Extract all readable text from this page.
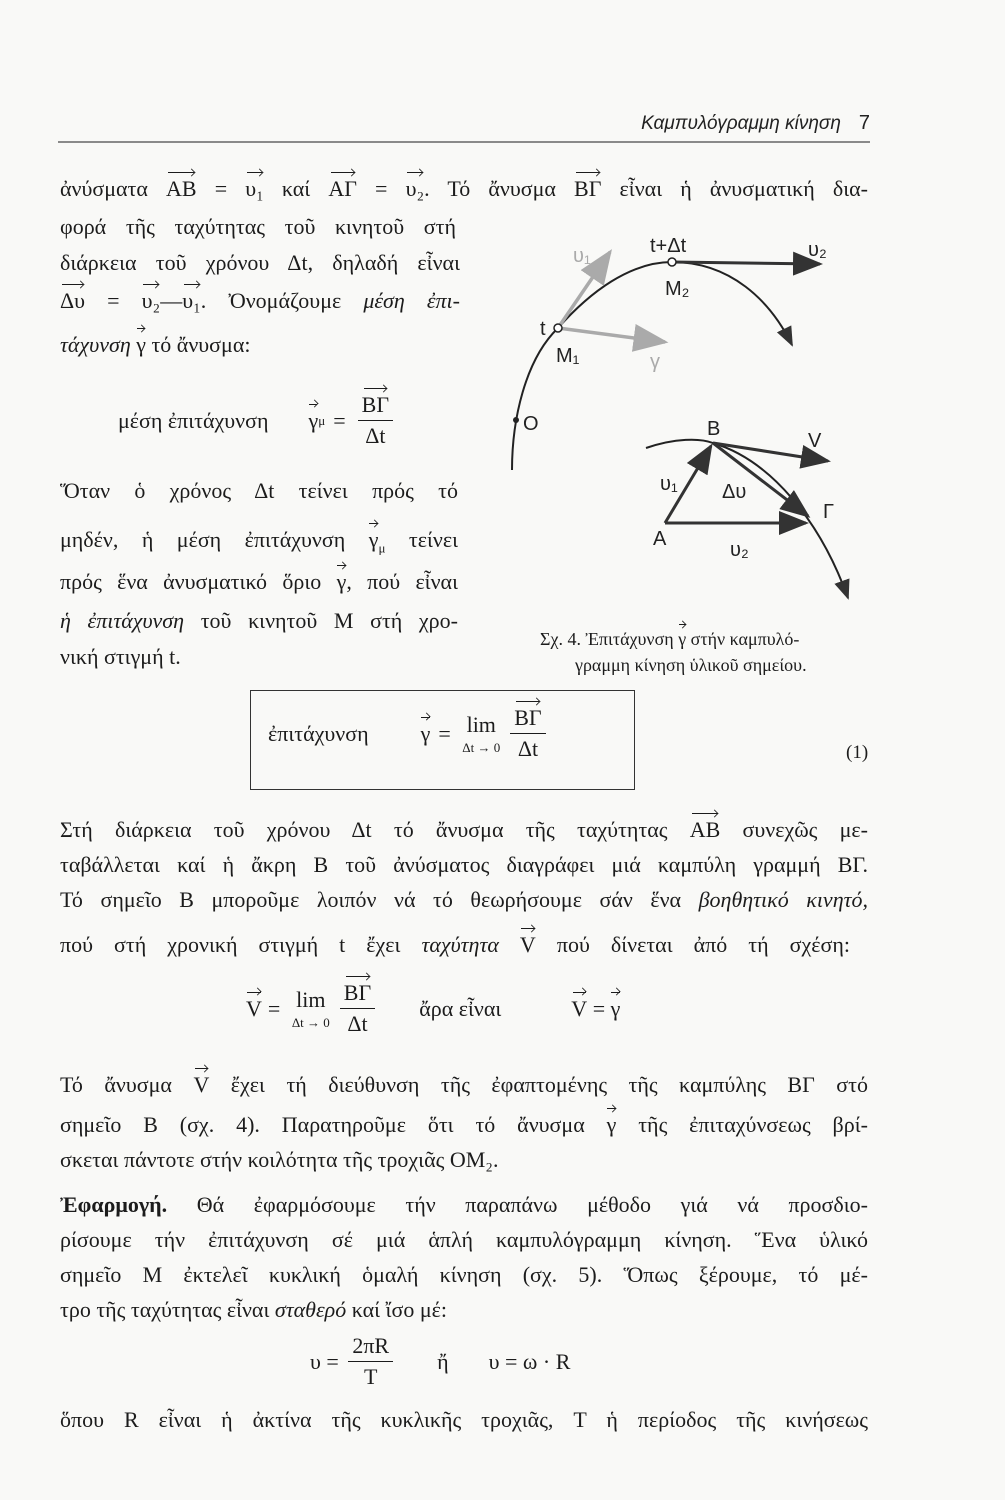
Καμπυλόγραμμη κίνηση 7
ἀνύσματα AB = υ₁ καί AΓ = υ₂. Τό ἄνυσμα BΓ εἶναι ἡ ἀνυσματική δια-
φορά τῆς ταχύτητας τοῦ κινητοῦ στή
διάρκεια τοῦ χρόνου Δt, δηλαδή εἶναι
Δυ = υ₂—υ₁. Ὀνομάζουμε μέση ἐπι-
τάχυνση γ τό ἄνυσμα:
μέση ἐπιτάχυνση γ $\mu = \frac{B\Gamma}{\Delta t}$
Ὅταν ὁ χρόνος Δt τείνει πρός τό
μηδέν, ἡ μέση ἐπιτάχυνση $\gamma_\mu$ τείνει
πρός ἕνα ἀνυσματικό ὅριο γ, πού εἶναι
ἡ ἐπιτάχυνση τοῦ κινητοῦ M στή χρο-
νική στιγμή t.
υ₁	t+Δt	υ₂
M₂
t
M₁	γ
O	B
V
υ₁ Δυ
Γ
A	υ₂
Σχ. 4. Ἐπιτάχυνση γ στήν καμπυλό-
γραμμη κίνηση ὑλικοῦ σημείου.
ἐπιτάχυνση γ = lim
$\Delta t \to 0 \frac{B\Gamma}{\Delta t}$	(1)
Στή διάρκεια τοῦ χρόνου Δt τό ἄνυσμα τῆς ταχύτητας AB συνεχῶς με-
ταβάλλεται καί ἡ ἄκρη B τοῦ ἀνύσματος διαγράφει μιά καμπύλη γραμμή BΓ.
Τό σημεῖο B μποροῦμε λοιπόν νά τό θεωρήσουμε σάν ἕνα βοηθητικό κινητό,
πού στή χρονική στιγμή t ἔχει ταχύτητα V πού δίνεται ἀπό τή σχέση:
V = lim
$\Delta t \to 0 \frac{B\Gamma}{\Delta t}$ ἄρα εἶναι	V = γ
Τό ἄνυσμα V ἔχει τή διεύθυνση τῆς ἐφαπτομένης τῆς καμπύλης BΓ στό
σημεῖο B (σχ. 4). Παρατηροῦμε ὅτι τό ἄνυσμα γ τῆς ἐπιταχύνσεως βρί-
σκεται πάντοτε στήν κοιλότητα τῆς τροχιᾶς OM₂.
Ἐφαρμογή. Θά ἐφαρμόσουμε τήν παραπάνω μέθοδο γιά νά προσδιο-
ρίσουμε τήν ἐπιτάχυνση σέ μιά ἁπλή καμπυλόγραμμη κίνηση. Ἕνα ὑλικό
σημεῖο M ἐκτελεῖ κυκλική ὁμαλή κίνηση (σχ. 5). Ὅπως ξέρουμε, τό μέ-
τρο τῆς ταχύτητας εἶναι σταθερό καί ἴσο μέ:
$\upsilon = \frac{2\pi R}{T}$ ἤ υ = ω · R
ὅπου R εἶναι ἡ ἀκτίνα τῆς κυκλικῆς τροχιᾶς, T ἡ περίοδος τῆς κινήσεως
